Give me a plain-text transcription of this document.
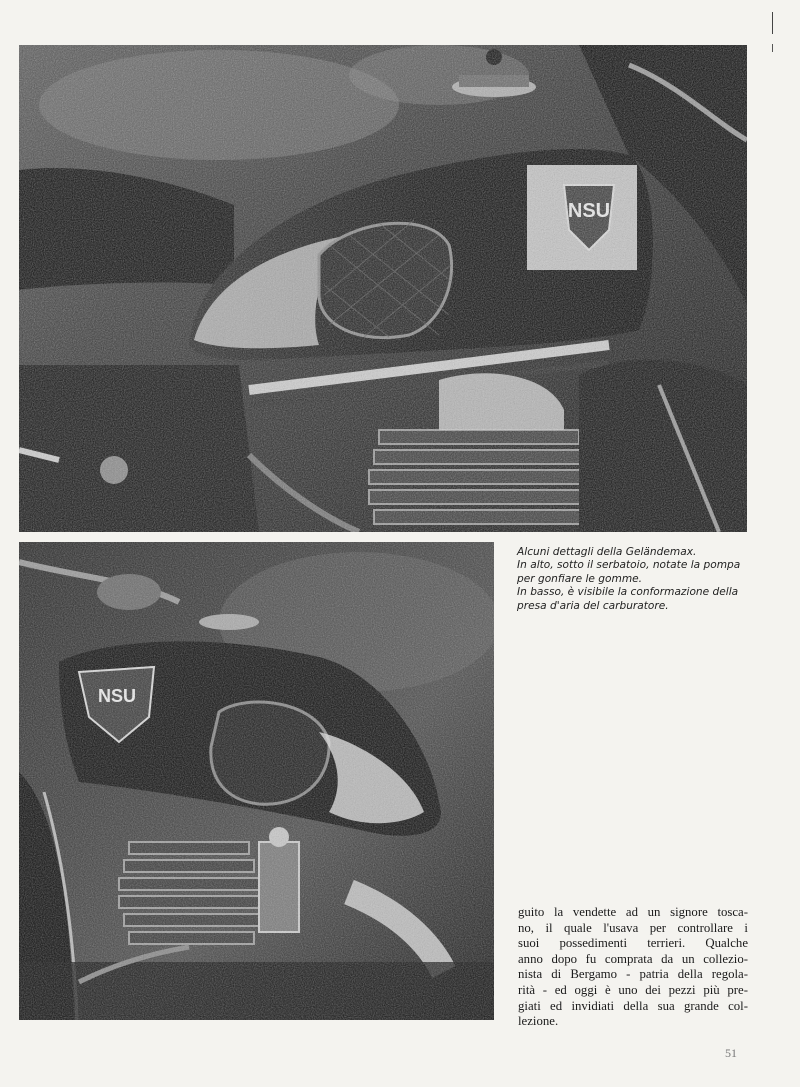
Alcuni dettagli della Geländemax.
In alto, sotto il serbatoio, notate la pompa
per gonfiare le gomme.
In basso, è visibile la conformazione della
presa d'aria del carburatore.
guito la vendette ad un signore tosca-
no, il quale l'usava per controllare i
suoi possedimenti terrieri. Qualche
anno dopo fu comprata da un collezio-
nista di Bergamo - patria della regola-
rità - ed oggi è uno dei pezzi più pre-
giati ed invidiati della sua grande col-
lezione.
51
